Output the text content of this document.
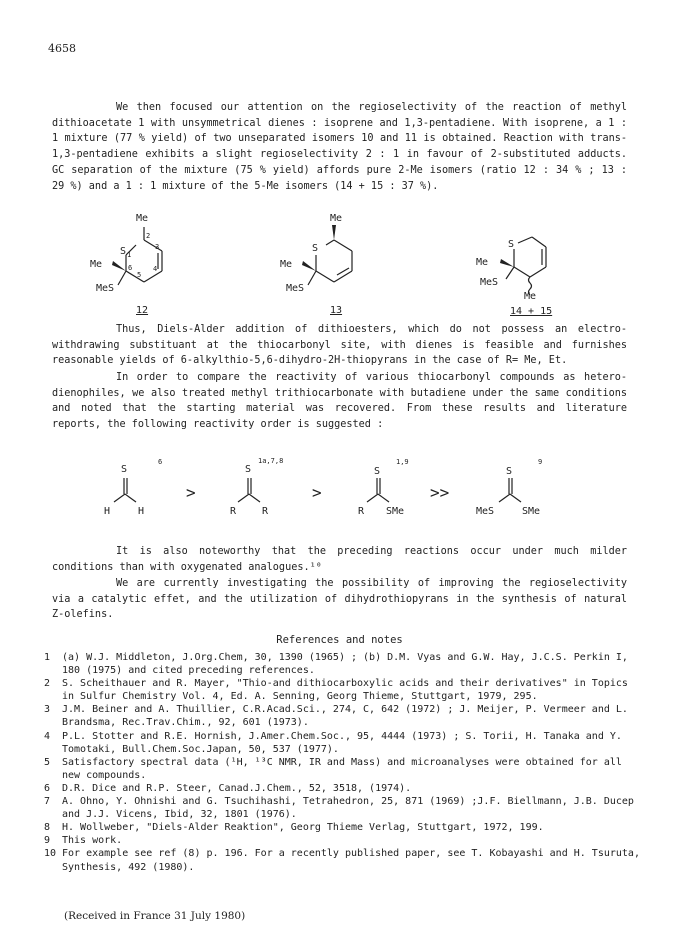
4658
We then focused our attention on the regioselectivity of the reaction of methyl dithioacetate 1 with unsymmetrical dienes : isoprene and 1,3-pentadiene. With isoprene, a 1 : 1 mixture (77 % yield) of two unseparated isomers 10 and 11 is obtained. Reaction with trans-1,3-pentadiene exhibits a slight regioselectivity 2 : 1 in favour of 2-substituted adducts. GC separation of the mixture (75 % yield) affords pure 2-Me isomers (ratio 12 : 34 % ; 13 : 29 %) and a 1 : 1 mixture of the 5-Me isomers (14 + 15 : 37 %).
Me
S 1
2
3
4
5
6
Me
MeS
12
Me
S
Me
MeS
13
S
Me
MeS
Me
14 + 15
Thus, Diels-Alder addition of dithioesters, which do not possess an electro-withdrawing substituant at the thiocarbonyl site, with dienes is feasible and furnishes reasonable yields of 6-alkylthio-5,6-dihydro-2H-thiopyrans in the case of R= Me, Et.
In order to compare the reactivity of various thiocarbonyl compounds as hetero-dienophiles, we also treated methyl trithiocarbonate with butadiene under the same conditions and noted that the starting material was recovered. From these results and literature reports, the following reactivity order is suggested :
S
6
H	H
>
S
1a,7,8
R	R
>
S
1,9
R SMe
>>
S
9
MeS	SMe
It is also noteworthy that the preceding reactions occur under much milder conditions than with oxygenated analogues.¹⁰
We are currently investigating the possibility of improving the regioselectivity via a catalytic effet, and the utilization of dihydrothiopyrans in the synthesis of natural Z-olefins.
References and notes
1	(a) W.J. Middleton, J.Org.Chem, 30, 1390 (1965) ; (b) D.M. Vyas and G.W. Hay, J.C.S. Perkin I, 180 (1975) and cited preceding references.
2	S. Scheithauer and R. Mayer, "Thio-and dithiocarboxylic acids and their derivatives" in Topics in Sulfur Chemistry Vol. 4, Ed. A. Senning, Georg Thieme, Stuttgart, 1979, 295.
3	J.M. Beiner and A. Thuillier, C.R.Acad.Sci., 274, C, 642 (1972) ; J. Meijer, P. Vermeer and L. Brandsma, Rec.Trav.Chim., 92, 601 (1973).
4	P.L. Stotter and R.E. Hornish, J.Amer.Chem.Soc., 95, 4444 (1973) ; S. Torii, H. Tanaka and Y. Tomotaki, Bull.Chem.Soc.Japan, 50, 537 (1977).
5	Satisfactory spectral data (¹H, ¹³C NMR, IR and Mass) and microanalyses were obtained for all new compounds.
6	D.R. Dice and R.P. Steer, Canad.J.Chem., 52, 3518, (1974).
7	A. Ohno, Y. Ohnishi and G. Tsuchihashi, Tetrahedron, 25, 871 (1969) ;J.F. Biellmann, J.B. Ducep and J.J. Vicens, Ibid, 32, 1801 (1976).
8	H. Wollweber, "Diels-Alder Reaktion", Georg Thieme Verlag, Stuttgart, 1972, 199.
9	This work.
10 For example see ref (8) p. 196. For a recently published paper, see T. Kobayashi and H. Tsuruta, Synthesis, 492 (1980).
(Received in France 31 July 1980)
